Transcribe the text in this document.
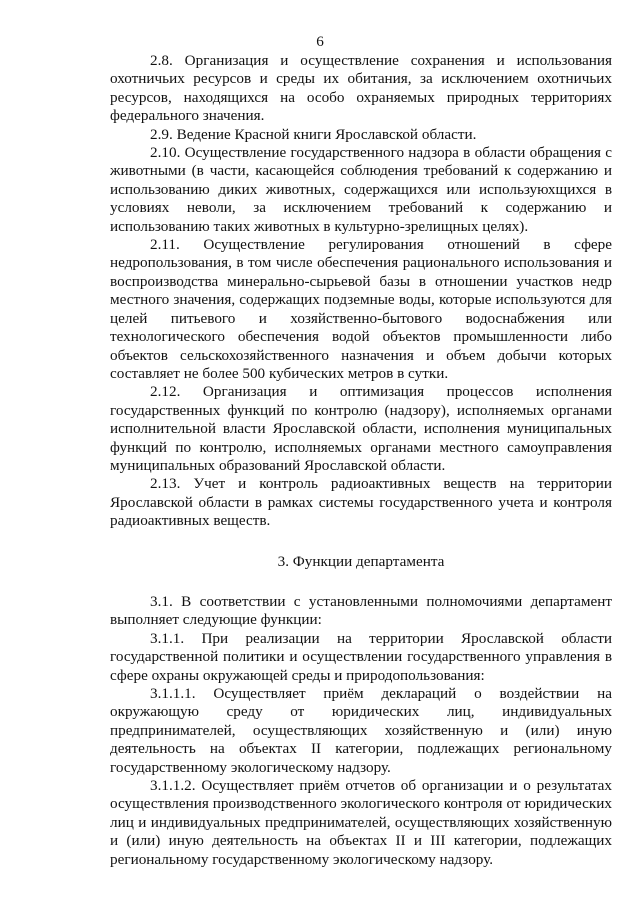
6

2.8. Организация и осуществление сохранения и использования охотничьих ресурсов и среды их обитания, за исключением охотничьих ресурсов, находящихся на особо охраняемых природных территориях федерального значения.

2.9. Ведение Красной книги Ярославской области.

2.10. Осуществление государственного надзора в области обращения с животными (в части, касающейся соблюдения требований к содержанию и использованию диких животных, содержащихся или используюхщихся в условиях неволи, за исключением требований к содержанию и использованию таких животных в культурно-зрелищных целях).

2.11. Осуществление регулирования отношений в сфере недропользования, в том числе обеспечения рационального использования и воспроизводства минерально-сырьевой базы в отношении участков недр местного значения, содержащих подземные воды, которые используются для целей питьевого и хозяйственно-бытового водоснабжения или технологического обеспечения водой объектов промышленности либо объектов сельскохозяйственного назначения и объем добычи которых составляет не более 500 кубических метров в сутки.

2.12. Организация и оптимизация процессов исполнения государственных функций по контролю (надзору), исполняемых органами исполнительной власти Ярославской области, исполнения муниципальных функций по контролю, исполняемых органами местного самоуправления муниципальных образований Ярославской области.

2.13. Учет и контроль радиоактивных веществ на территории Ярославской области в рамках системы государственного учета и контроля радиоактивных веществ.

3. Функции департамента

3.1. В соответствии с установленными полномочиями департамент выполняет следующие функции:

3.1.1. При реализации на территории Ярославской области государственной политики и осуществлении государственного управления в сфере охраны окружающей среды и природопользования:

3.1.1.1. Осуществляет приём деклараций о воздействии на окружающую среду от юридических лиц, индивидуальных предпринимателей, осуществляющих хозяйственную и (или) иную деятельность на объектах II категории, подлежащих региональному государственному экологическому надзору.

3.1.1.2. Осуществляет приём отчетов об организации и о результатах осуществления производственного экологического контроля от юридических лиц и индивидуальных предпринимателей, осуществляющих хозяйственную и (или) иную деятельность на объектах II и III категории, подлежащих региональному государственному экологическому надзору.
